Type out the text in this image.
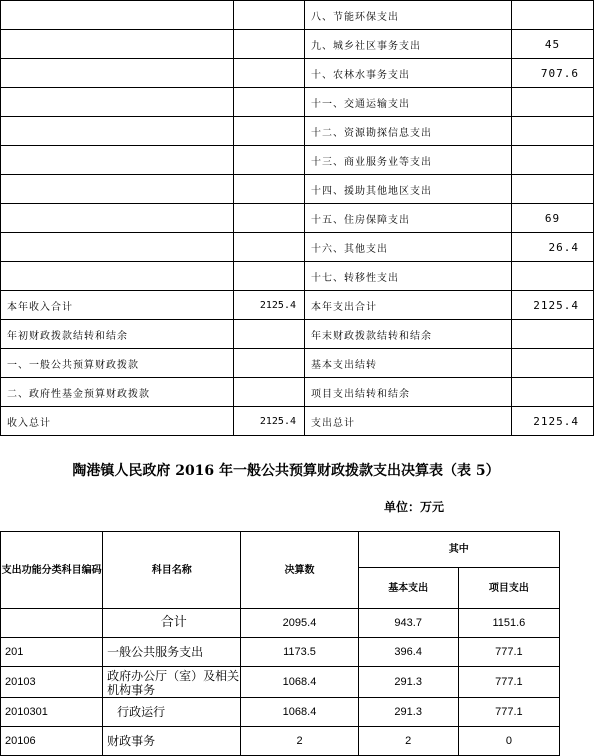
		八、节能环保支出	
		九、城乡社区事务支出	45
		十、农林水事务支出	707.6
		十一、交通运输支出	
		十二、资源勘探信息支出	
		十三、商业服务业等支出	
		十四、援助其他地区支出	
		十五、住房保障支出	69
		十六、其他支出	26.4
		十七、转移性支出	
本年收入合计	2125.4	本年支出合计	2125.4
年初财政拨款结转和结余		年末财政拨款结转和结余	
一、一般公共预算财政拨款		基本支出结转	
二、政府性基金预算财政拨款		项目支出结转和结余	
收入总计	2125.4	支出总计	2125.4
陶港镇人民政府 2016 年一般公共预算财政拨款支出决算表（表 5）
单位：万元
支出功能分类科目编码	科目名称	决算数	其中	
			基本支出	项目支出
	合计	2095.4	943.7	1151.6
201	一般公共服务支出	1173.5	396.4	777.1
20103	政府办公厅（室）及相关机构事务	1068.4	291.3	777.1
2010301	行政运行	1068.4	291.3	777.1
20106	财政事务	2	2	0
